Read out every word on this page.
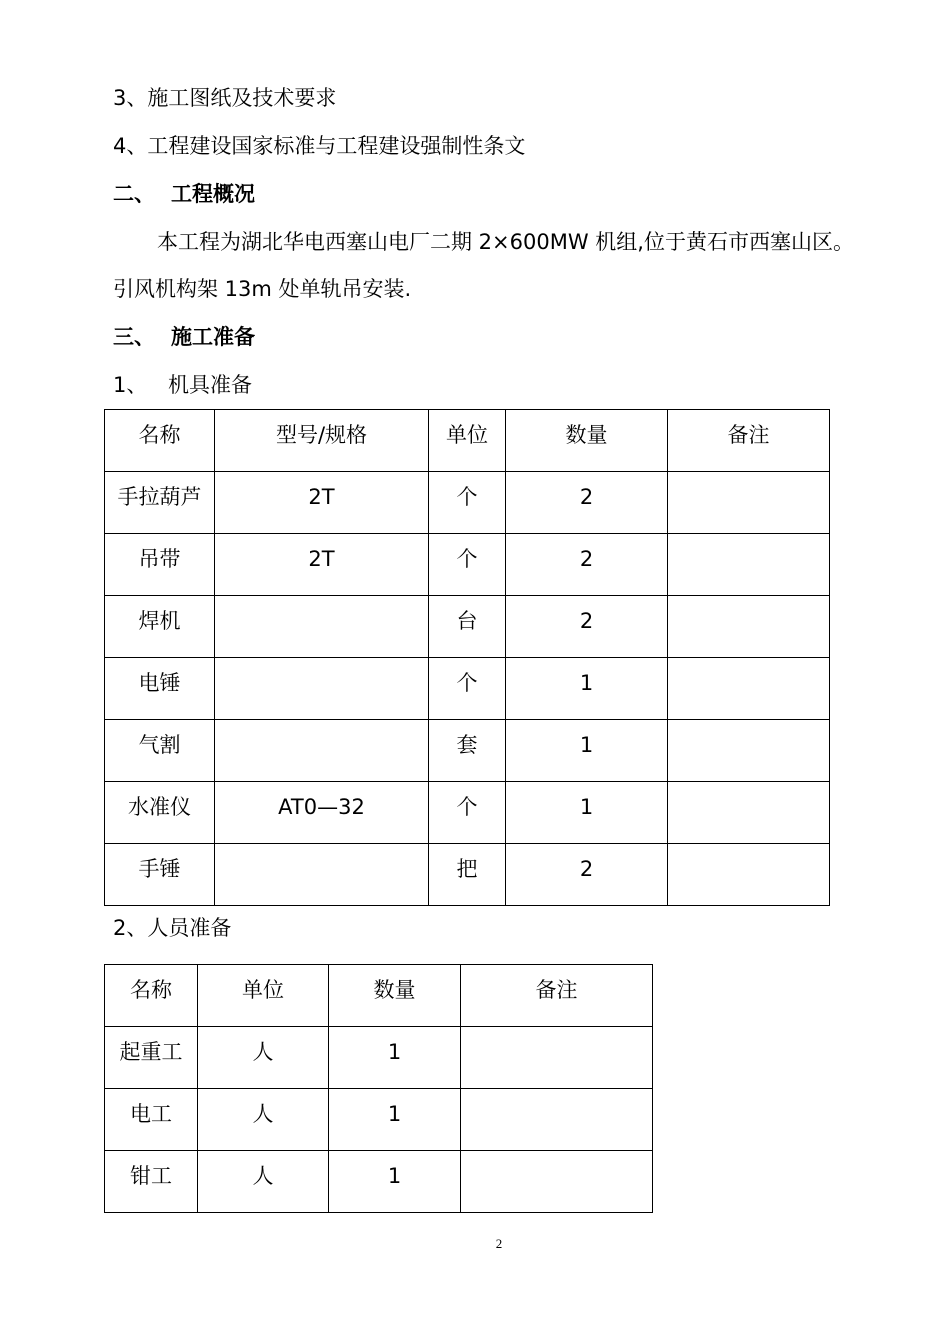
3、施工图纸及技术要求
4、工程建设国家标准与工程建设强制性条文
二、 工程概况
本工程为湖北华电西塞山电厂二期 2×600MW 机组,位于黄石市西塞山区。
引风机构架 13m 处单轨吊安装.
三、 施工准备
1、 机具准备
名称	型号/规格	单位	数量	备注
手拉葫芦	2T	个	2	
吊带	2T	个	2	
焊机		台	2	
电锤		个	1	
气割		套	1	
水准仪	AT0—32	个	1	
手锤		把	2	
2、人员准备
名称	单位	数量	备注
起重工	人	1	
电工	人	1	
钳工	人	1	
2
